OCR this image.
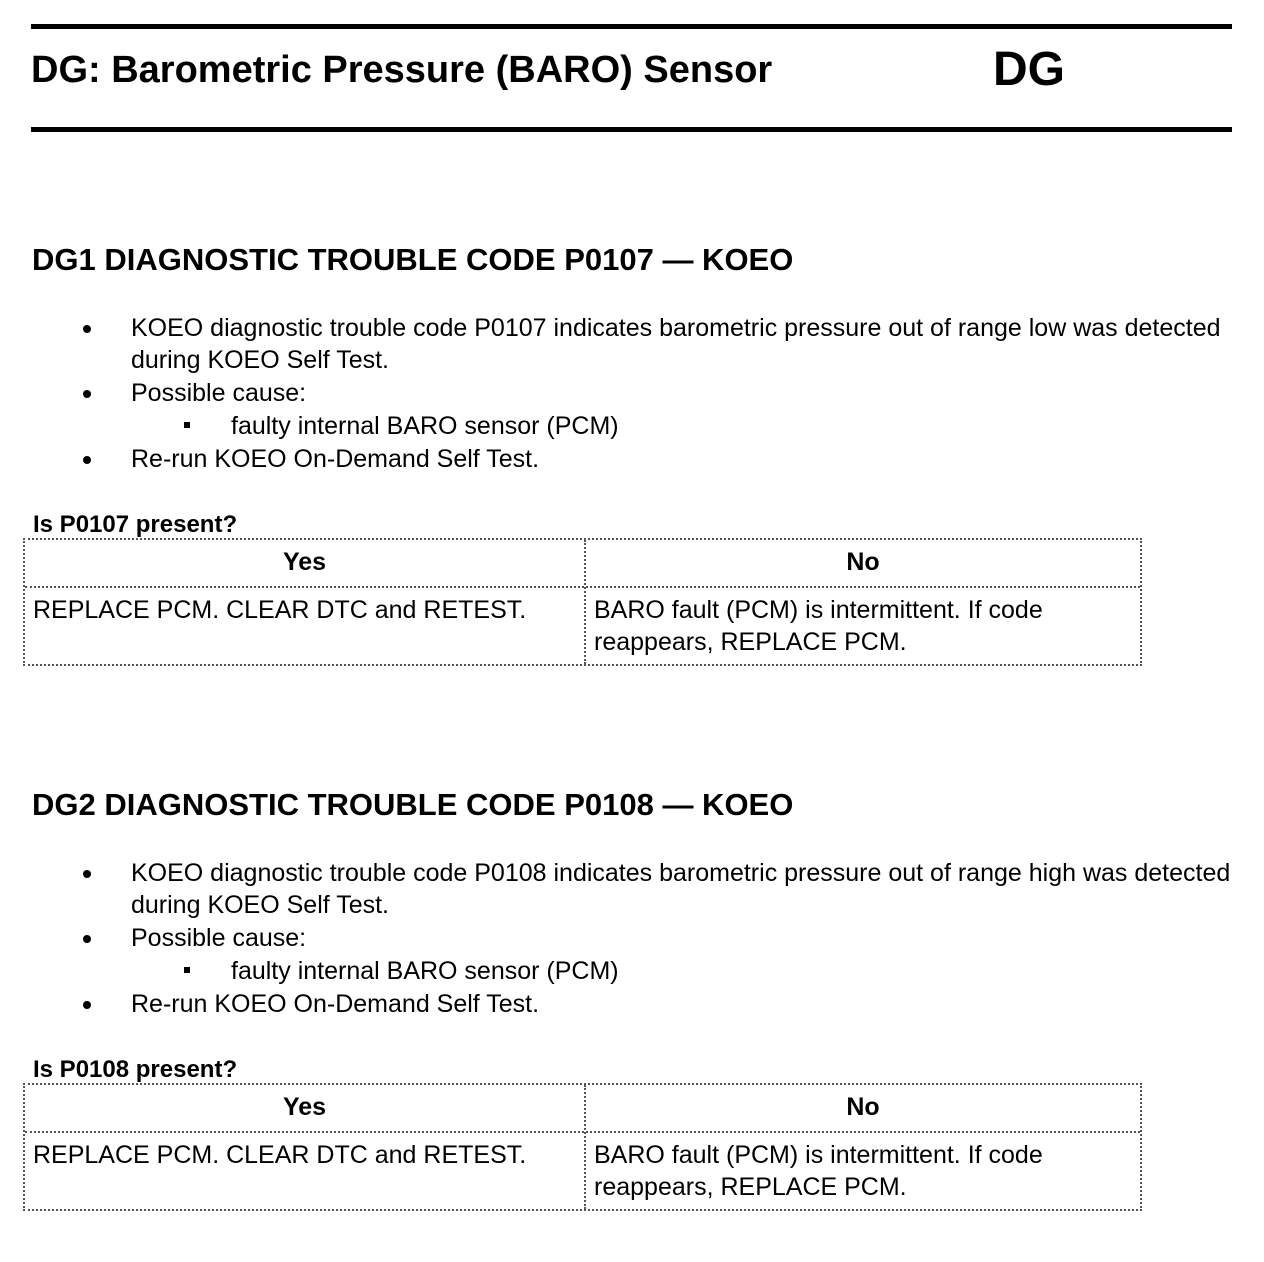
DG: Barometric Pressure (BARO) Sensor	DG
DG1 DIAGNOSTIC TROUBLE CODE P0107 — KOEO
KOEO diagnostic trouble code P0107 indicates barometric pressure out of range low was detected during KOEO Self Test.
Possible cause:
faulty internal BARO sensor (PCM)
Re-run KOEO On-Demand Self Test.
Is P0107 present?
Yes
REPLACE PCM. CLEAR DTC and RETEST.
No
BARO fault (PCM) is intermittent. If code reappears, REPLACE PCM.
DG2 DIAGNOSTIC TROUBLE CODE P0108 — KOEO
KOEO diagnostic trouble code P0108 indicates barometric pressure out of range high was detected during KOEO Self Test.
Possible cause:
faulty internal BARO sensor (PCM)
Re-run KOEO On-Demand Self Test.
Is P0108 present?
Yes
REPLACE PCM. CLEAR DTC and RETEST.
No
BARO fault (PCM) is intermittent. If code reappears, REPLACE PCM.
